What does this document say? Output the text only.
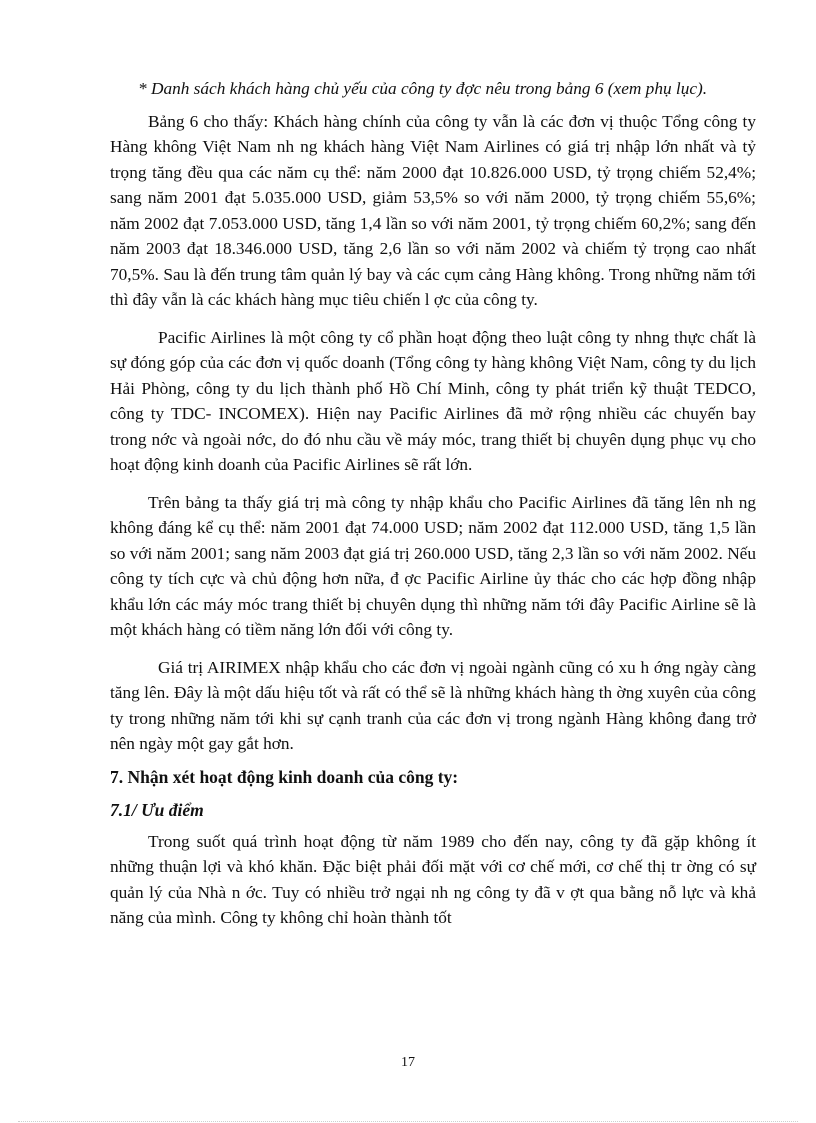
* Danh sách khách hàng chủ yếu của công ty đợc nêu trong bảng 6 (xem phụ lục).

Bảng 6 cho thấy: Khách hàng chính của công ty vẫn là các đơn vị thuộc Tổng công ty Hàng không Việt Nam nh ng khách hàng Việt Nam Airlines có giá trị nhập lớn nhất và tỷ trọng tăng đều qua các năm cụ thể: năm 2000 đạt 10.826.000 USD, tỷ trọng chiếm 52,4%; sang năm 2001 đạt 5.035.000 USD, giảm 53,5% so với năm 2000, tỷ trọng chiếm 55,6%; năm 2002 đạt 7.053.000 USD, tăng 1,4 lần so với năm 2001, tỷ trọng chiếm 60,2%; sang đến năm 2003 đạt 18.346.000 USD, tăng 2,6 lần so với năm 2002 và chiếm tỷ trọng cao nhất 70,5%. Sau là đến trung tâm quản lý bay và các cụm cảng Hàng không. Trong những năm tới thì đây vẫn là các khách hàng mục tiêu chiến l ợc của công ty.

Pacific Airlines là một công ty cổ phần hoạt động theo luật công ty nhng thực chất là sự đóng góp của các đơn vị quốc doanh (Tổng công ty hàng không Việt Nam, công ty du lịch Hải Phòng, công ty du lịch thành phố Hồ Chí Minh, công ty phát triển kỹ thuật TEDCO, công ty TDC- INCOMEX). Hiện nay Pacific Airlines đã mở rộng nhiều các chuyến bay trong nớc và ngoài nớc, do đó nhu cầu về máy móc, trang thiết bị chuyên dụng phục vụ cho hoạt động kinh doanh của Pacific Airlines sẽ rất lớn.

Trên bảng ta thấy giá trị mà công ty nhập khẩu cho Pacific Airlines đã tăng lên nh ng không đáng kể cụ thể: năm 2001 đạt 74.000 USD; năm 2002 đạt 112.000 USD, tăng 1,5 lần so với năm 2001; sang năm 2003 đạt giá trị 260.000 USD, tăng 2,3 lần so với năm 2002. Nếu công ty tích cực và chủ động hơn nữa, đ ợc Pacific Airline ủy thác cho các hợp đồng nhập khẩu lớn các máy móc trang thiết bị chuyên dụng thì những năm tới đây Pacific Airline sẽ là một khách hàng có tiềm năng lớn đối với công ty.

Giá trị AIRIMEX nhập khẩu cho các đơn vị ngoài ngành cũng có xu h ớng ngày càng tăng lên. Đây là một dấu hiệu tốt và rất có thể sẽ là những khách hàng th ờng xuyên của công ty trong những năm tới khi sự cạnh tranh của các đơn vị trong ngành Hàng không đang trở nên ngày một gay gắt hơn.

7. Nhận xét hoạt động kinh doanh của công ty:
7.1/ Ưu điểm

Trong suốt quá trình hoạt động từ năm 1989 cho đến nay, công ty đã gặp không ít những thuận lợi và khó khăn. Đặc biệt phải đối mặt với cơ chế mới, cơ chế thị tr ờng có sự quản lý của Nhà n ớc. Tuy có nhiều trở ngại nh ng công ty đã v ợt qua bằng nỗ lực và khả năng của mình. Công ty không chỉ hoàn thành tốt

17
